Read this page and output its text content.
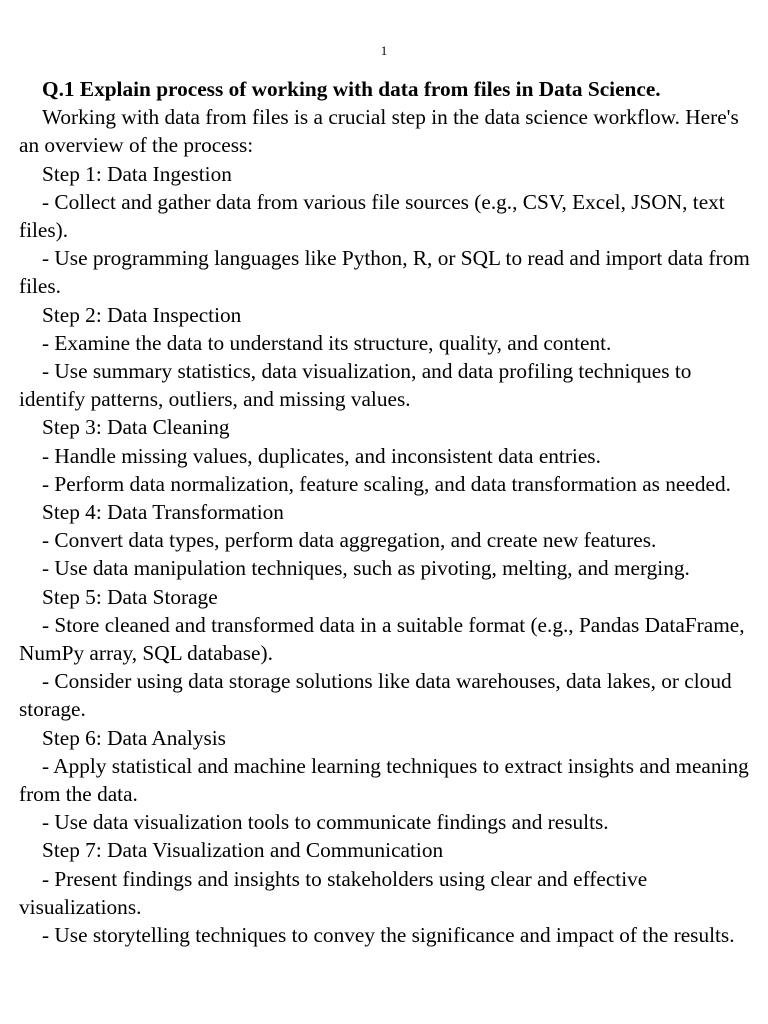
1

Q.1 Explain process of working with data from files in Data Science.

Working with data from files is a crucial step in the data science workflow. Here's an overview of the process:

Step 1: Data Ingestion

- Collect and gather data from various file sources (e.g., CSV, Excel, JSON, text files).

- Use programming languages like Python, R, or SQL to read and import data from files.

Step 2: Data Inspection

- Examine the data to understand its structure, quality, and content.

- Use summary statistics, data visualization, and data profiling techniques to identify patterns, outliers, and missing values.

Step 3: Data Cleaning

- Handle missing values, duplicates, and inconsistent data entries.

- Perform data normalization, feature scaling, and data transformation as needed.

Step 4: Data Transformation

- Convert data types, perform data aggregation, and create new features.

- Use data manipulation techniques, such as pivoting, melting, and merging.

Step 5: Data Storage

- Store cleaned and transformed data in a suitable format (e.g., Pandas DataFrame, NumPy array, SQL database).

- Consider using data storage solutions like data warehouses, data lakes, or cloud storage.

Step 6: Data Analysis

- Apply statistical and machine learning techniques to extract insights and meaning from the data.

- Use data visualization tools to communicate findings and results.

Step 7: Data Visualization and Communication

- Present findings and insights to stakeholders using clear and effective visualizations.

- Use storytelling techniques to convey the significance and impact of the results.
